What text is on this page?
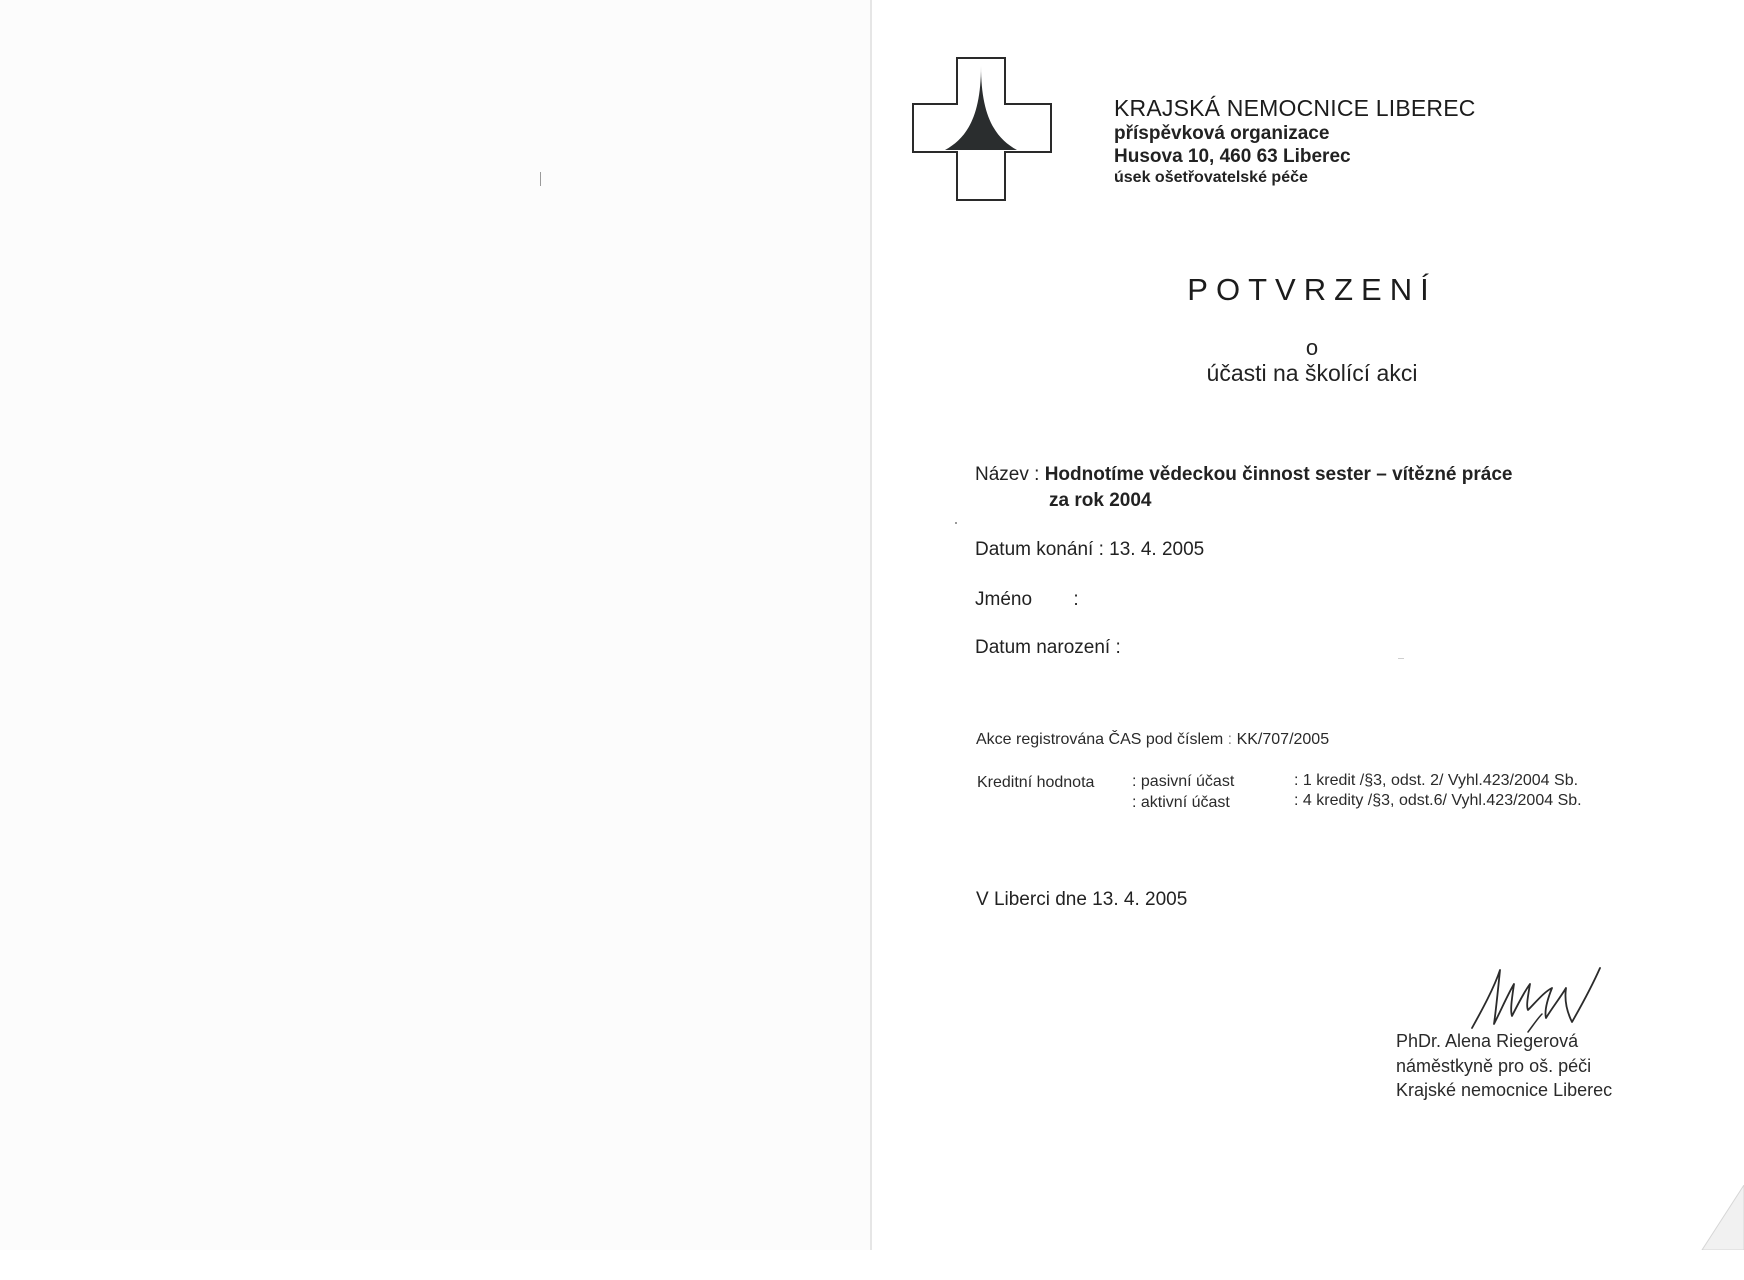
KRAJSKÁ NEMOCNICE LIBEREC
příspěvková organizace
Husova 10, 460 63 Liberec
úsek ošetřovatelské péče
POTVRZENÍ
o
účasti na školící akci
Název : Hodnotíme vědeckou činnost sester – vítězné práce
za rok 2004
Datum konání : 13. 4. 2005
Jméno :
Datum narození :
Akce registrována ČAS pod číslem : KK/707/2005
Kreditní hodnota : pasivní účast
: aktivní účast
: 1 kredit /§3, odst. 2/ Vyhl.423/2004 Sb.
: 4 kredity /§3, odst.6/ Vyhl.423/2004 Sb.
V Liberci dne 13. 4. 2005
PhDr. Alena Riegerová
náměstkyně pro oš. péči
Krajské nemocnice Liberec
